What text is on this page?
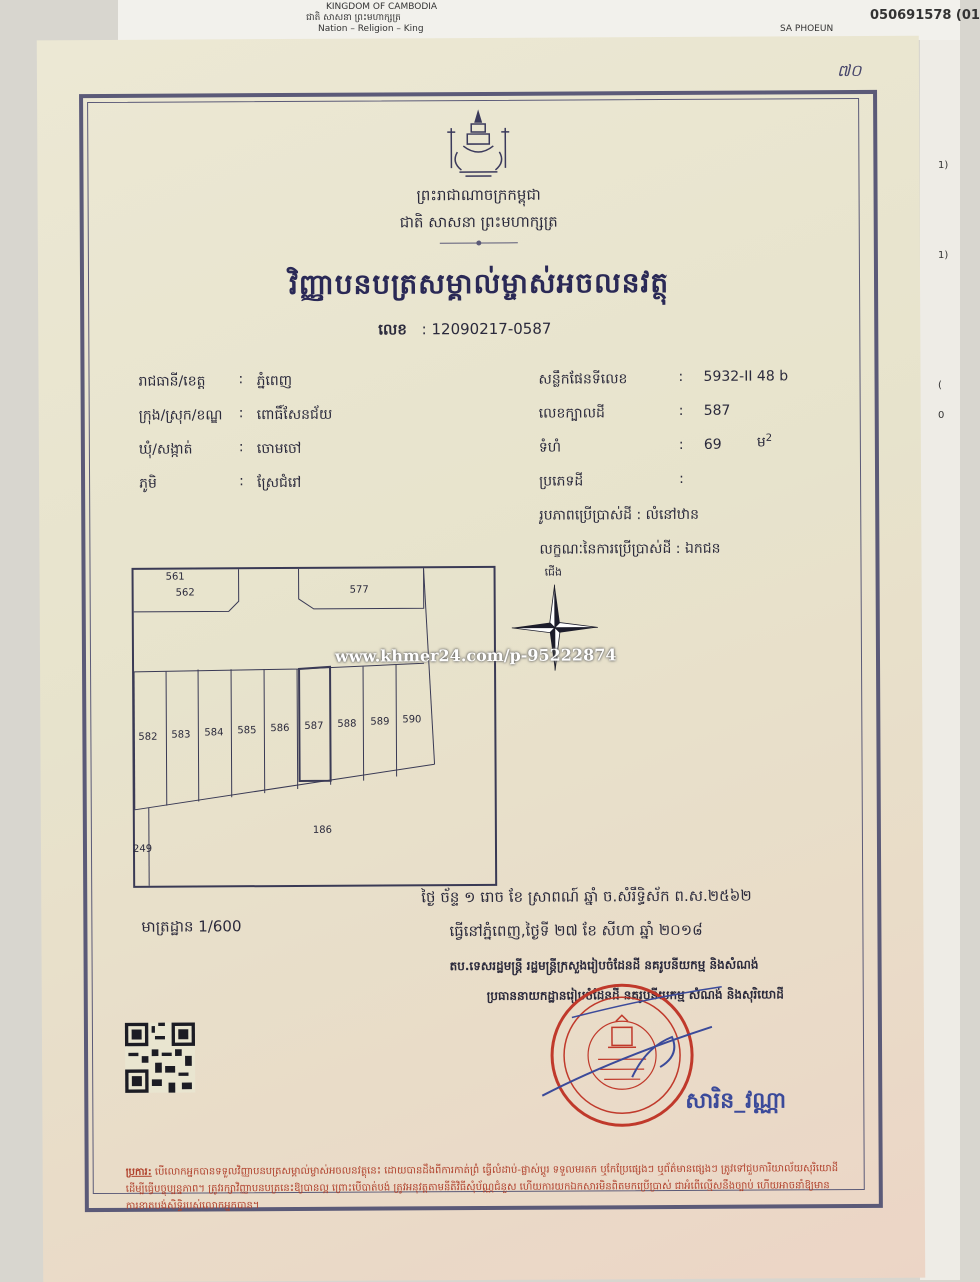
KINGDOM OF CAMBODIA
ជាតិ សាសនា ព្រះមហាក្សត្រ
Nation – Religion – King	SA PHOEUN
050691578 (01
1)
1)
(
0
៧០
ព្រះរាជាណាចក្រកម្ពុជា
ជាតិ សាសនា ព្រះមហាក្សត្រ
វិញ្ញាបនបត្រសម្គាល់ម្ចាស់អចលនវត្ថុ
លេខ : 12090217-0587
រាជធានី/ខេត្ត : ភ្នំពេញ
ក្រុង/ស្រុក/ខណ្ឌ : ពោធិ៍សែនជ័យ
ឃុំ/សង្កាត់	: ចោមចៅ
ភូមិ	: ស្រែជំរៅ
សន្លឹកផែនទីលេខ	: 5932-II 48 b
លេខក្បាលដី	: 587
ទំហំ	: 69	ម$^2$
ប្រភេទដី	:
រូបភាពប្រើប្រាស់ដី : លំនៅឋាន
លក្ខណៈនៃការប្រើប្រាស់ដី : ឯកជន
561
562	577
582 583 584 585 586 587 588 589 590
186
249
ជើង
www.khmer24.com/p-95222874
ថ្ងៃ ច័ន្ទ ១ រោច ខែ ស្រាពណ៍ ឆ្នាំ ច.សំរឹទ្ធិស័ក ព.ស.២៥៦២
ធ្វើនៅភ្នំពេញ,ថ្ងៃទី ២៧ ខែ សីហា ឆ្នាំ ២០១៨
តប.ទេសរដ្ឋមន្ត្រី រដ្ឋមន្ត្រីក្រសួងរៀបចំដែនដី នគរូបនីយកម្ម និងសំណង់
ប្រធាននាយកដ្ឋានរៀបចំដែនដី នគរូបនីយកម្ម សំណង់ និងសុរិយោដី
មាត្រដ្ឋាន 1/600
សារិន_វណ្ណា
ប្រការ: បើលោកអ្នកបានទទួលវិញ្ញាបនបត្រសម្គាល់ម្ចាស់អចលនវត្ថុនេះ ដោយបានដឹងពីការកាត់ព្រំ ធ្វើលំដាប់-ផ្លាស់ប្តូរ ទទួលមរតក ឬកែប្រែផ្សេងៗ ឬព័ត៌មានផ្សេងៗ ត្រូវទៅជួបការិយាល័យសុរិយោដីដើម្បីធ្វើបច្ចុប្បន្នភាព។ ត្រូវរក្សាវិញ្ញាបនបត្រនេះឱ្យបានល្អ ព្រោះបើបាត់បង់ ត្រូវអនុវត្តតាមនីតិវិធីសុំប័ណ្ណជំនួស ហើយការយកឯកសារមិនពិតមកប្រើប្រាស់ ជាអំពើល្មើសនឹងច្បាប់ ហើយអាចនាំឱ្យមានការខាតបង់សិទ្ធិរបស់លោកអ្នកបាន។
